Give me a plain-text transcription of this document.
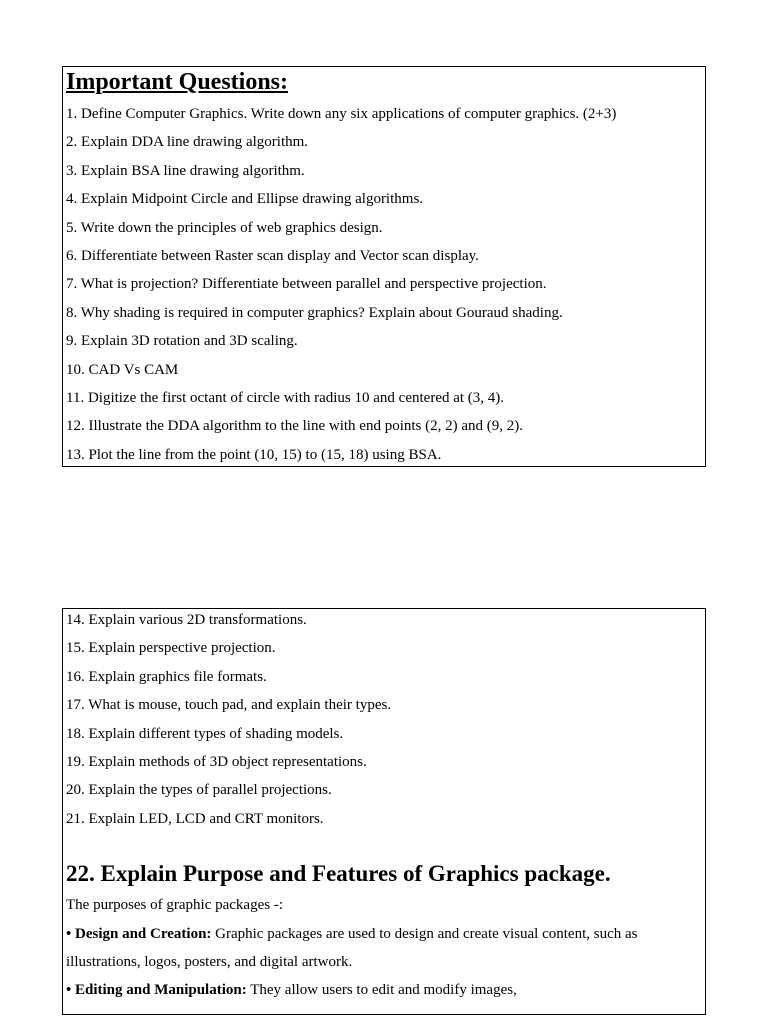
Important Questions:
1. Define Computer Graphics. Write down any six applications of computer graphics. (2+3)
2. Explain DDA line drawing algorithm.
3. Explain BSA line drawing algorithm.
4. Explain Midpoint Circle and Ellipse drawing algorithms.
5. Write down the principles of web graphics design.
6. Differentiate between Raster scan display and Vector scan display.
7. What is projection? Differentiate between parallel and perspective projection.
8. Why shading is required in computer graphics? Explain about Gouraud shading.
9. Explain 3D rotation and 3D scaling.
10. CAD Vs CAM
11. Digitize the first octant of circle with radius 10 and centered at (3, 4).
12. Illustrate the DDA algorithm to the line with end points (2, 2) and (9, 2).
13. Plot the line from the point (10, 15) to (15, 18) using BSA.
14. Explain various 2D transformations.
15. Explain perspective projection.
16. Explain graphics file formats.
17. What is mouse, touch pad, and explain their types.
18. Explain different types of shading models.
19. Explain methods of 3D object representations.
20. Explain the types of parallel projections.
21. Explain LED, LCD and CRT monitors.
22. Explain Purpose and Features of Graphics package.
The purposes of graphic packages -:
• Design and Creation: Graphic packages are used to design and create visual content, such as
illustrations, logos, posters, and digital artwork.
• Editing and Manipulation: They allow users to edit and modify images,
